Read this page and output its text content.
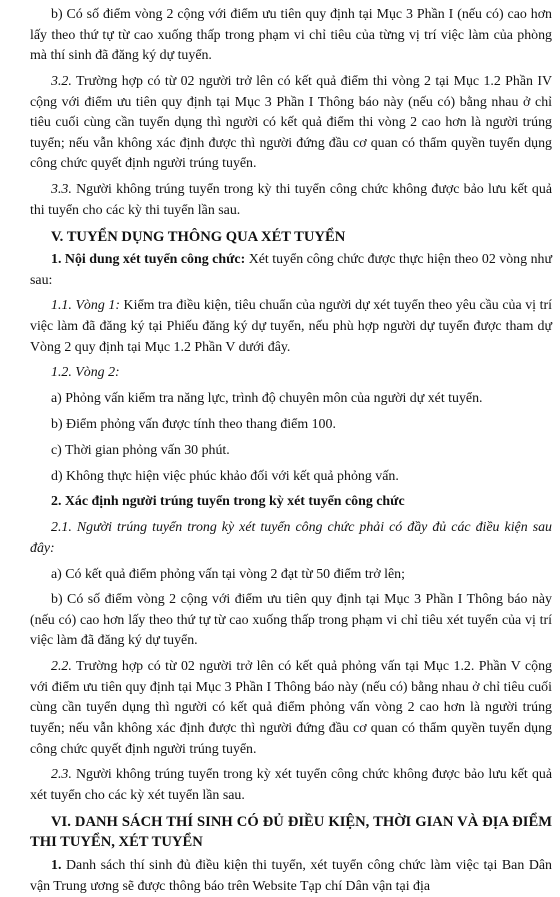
b) Có số điểm vòng 2 cộng với điểm ưu tiên quy định tại Mục 3 Phần I (nếu có) cao hơn lấy theo thứ tự từ cao xuống thấp trong phạm vi chỉ tiêu của từng vị trí việc làm của phòng mà thí sinh đã đăng ký dự tuyển.

3.2. Trường hợp có từ 02 người trở lên có kết quả điểm thi vòng 2 tại Mục 1.2 Phần IV cộng với điểm ưu tiên quy định tại Mục 3 Phần I Thông báo này (nếu có) bằng nhau ở chỉ tiêu cuối cùng cần tuyển dụng thì người có kết quả điểm thi vòng 2 cao hơn là người trúng tuyển; nếu vẫn không xác định được thì người đứng đầu cơ quan có thẩm quyền tuyển dụng công chức quyết định người trúng tuyển.

3.3. Người không trúng tuyển trong kỳ thi tuyển công chức không được bảo lưu kết quả thi tuyển cho các kỳ thi tuyển lần sau.

V. TUYỂN DỤNG THÔNG QUA XÉT TUYỂN

1. Nội dung xét tuyển công chức: Xét tuyển công chức được thực hiện theo 02 vòng như sau:

1.1. Vòng 1: Kiểm tra điều kiện, tiêu chuẩn của người dự xét tuyển theo yêu cầu của vị trí việc làm đã đăng ký tại Phiếu đăng ký dự tuyển, nếu phù hợp người dự tuyển được tham dự Vòng 2 quy định tại Mục 1.2 Phần V dưới đây.

1.2. Vòng 2:

a) Phỏng vấn kiểm tra năng lực, trình độ chuyên môn của người dự xét tuyển.

b) Điểm phỏng vấn được tính theo thang điểm 100.

c) Thời gian phỏng vấn 30 phút.

d) Không thực hiện việc phúc khảo đối với kết quả phỏng vấn.

2. Xác định người trúng tuyển trong kỳ xét tuyển công chức

2.1. Người trúng tuyển trong kỳ xét tuyển công chức phải có đầy đủ các điều kiện sau đây:

a) Có kết quả điểm phỏng vấn tại vòng 2 đạt từ 50 điểm trở lên;

b) Có số điểm vòng 2 cộng với điểm ưu tiên quy định tại Mục 3 Phần I Thông báo này (nếu có) cao hơn lấy theo thứ tự từ cao xuống thấp trong phạm vi chỉ tiêu xét tuyển của vị trí việc làm đã đăng ký dự tuyển.

2.2. Trường hợp có từ 02 người trở lên có kết quả phỏng vấn tại Mục 1.2. Phần V cộng với điểm ưu tiên quy định tại Mục 3 Phần I Thông báo này (nếu có) bằng nhau ở chỉ tiêu cuối cùng cần tuyển dụng thì người có kết quả điểm phỏng vấn vòng 2 cao hơn là người trúng tuyển; nếu vẫn không xác định được thì người đứng đầu cơ quan có thẩm quyền tuyển dụng công chức quyết định người trúng tuyển.

2.3. Người không trúng tuyển trong kỳ xét tuyển công chức không được bảo lưu kết quả xét tuyển cho các kỳ xét tuyển lần sau.

VI. DANH SÁCH THÍ SINH CÓ ĐỦ ĐIỀU KIỆN, THỜI GIAN VÀ ĐỊA ĐIỂM THI TUYỂN, XÉT TUYỂN

1. Danh sách thí sinh đủ điều kiện thi tuyển, xét tuyển công chức làm việc tại Ban Dân vận Trung ương sẽ được thông báo trên Website Tạp chí Dân vận tại địa
